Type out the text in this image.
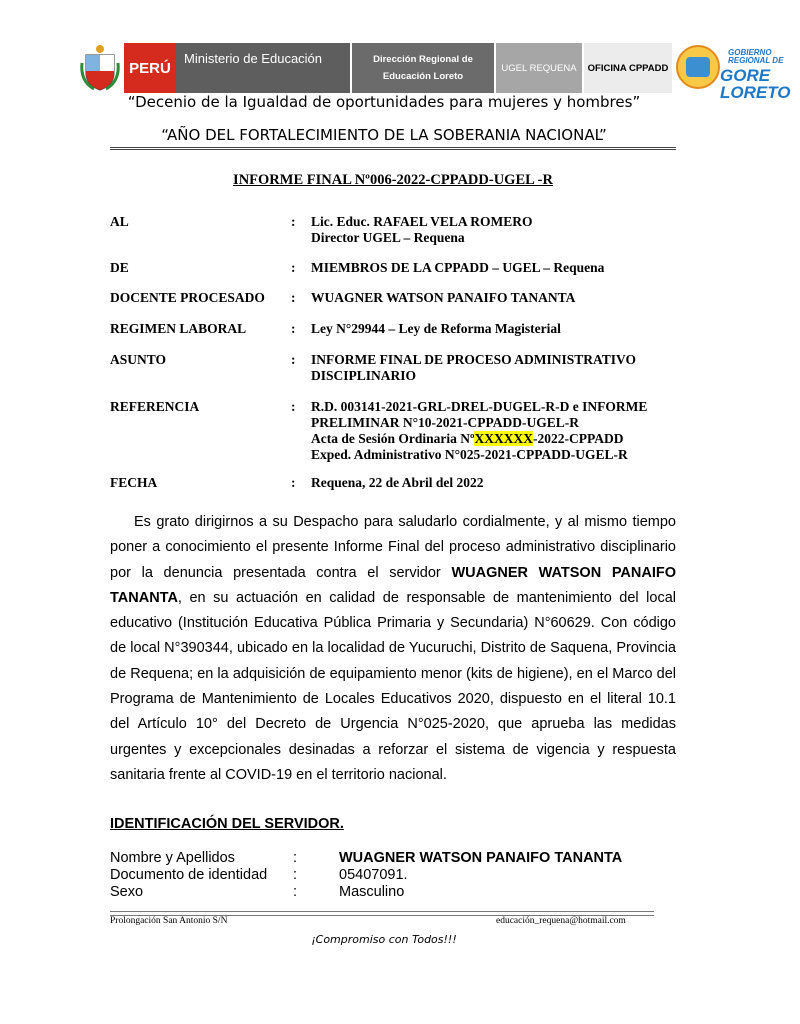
PERÚ
Ministerio de Educación	Dirección Regional de Educación Loreto
UGEL REQUENA	OFICINA CPPADD
GOBIERNO REGIONAL DE
GORE LORETO
“Decenio de la Igualdad de oportunidades para mujeres y hombres”
“AÑO DEL FORTALECIMIENTO DE LA SOBERANIA NACIONAL”
INFORME FINAL Nº006-2022-CPPADD-UGEL -R
AL	: Lic. Educ. RAFAEL VELA ROMERO
Director UGEL – Requena
DE	: MIEMBROS DE LA CPPADD – UGEL – Requena
DOCENTE PROCESADO : WUAGNER WATSON PANAIFO TANANTA
REGIMEN LABORAL	: Ley N°29944 – Ley de Reforma Magisterial
ASUNTO	: INFORME FINAL DE PROCESO ADMINISTRATIVO
DISCIPLINARIO
REFERENCIA	: R.D. 003141-2021-GRL-DREL-DUGEL-R-D e INFORME
PRELIMINAR N°10-2021-CPPADD-UGEL-R
Acta de Sesión Ordinaria NºXXXXXX-2022-CPPADD
Exped. Administrativo N°025-2021-CPPADD-UGEL-R
FECHA	: Requena, 22 de Abril del 2022
Es grato dirigirnos a su Despacho para saludarlo cordialmente, y al mismo tiempo poner a conocimiento el presente Informe Final del proceso administrativo disciplinario por la denuncia presentada contra el servidor WUAGNER WATSON PANAIFO TANANTA, en su actuación en calidad de responsable de mantenimiento del local educativo (Institución Educativa Pública Primaria y Secundaria) N°60629. Con código de local N°390344, ubicado en la localidad de Yucuruchi, Distrito de Saquena, Provincia de Requena; en la adquisición de equipamiento menor (kits de higiene), en el Marco del Programa de Mantenimiento de Locales Educativos 2020, dispuesto en el literal 10.1 del Artículo 10° del Decreto de Urgencia N°025-2020, que aprueba las medidas urgentes y excepcionales desinadas a reforzar el sistema de vigencia y respuesta sanitaria frente al COVID-19 en el territorio nacional.
IDENTIFICACIÓN DEL SERVIDOR.
Nombre y Apellidos	:	WUAGNER WATSON PANAIFO TANANTA
Documento de identidad :	05407091.
Sexo	:	Masculino
Prolongación San Antonio S/N	educación_requena@hotmail.com
¡Compromiso con Todos!!!
